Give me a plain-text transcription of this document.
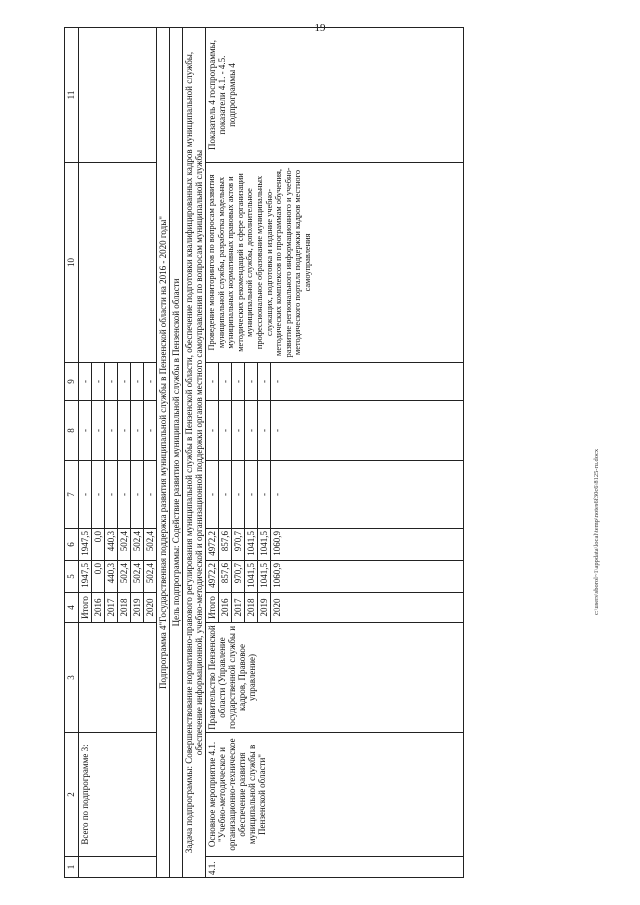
19
1	2	3	4	5	6	7	8	9	10	11
	Всего по подпрограмме 3:		Итого	1947,5	1947,5	-	-	-		
			2016	0,0	0,0	-	-	-		
			2017	440,3	440,3	-	-	-		
			2018	502,4	502,4	-	-	-		
			2019	502,4	502,4	-	-	-		
			2020	502,4	502,4	-	-	-		
Подпрограмма 4"Государственная поддержка развития муниципальной службы в Пензенской области на 2016 - 2020 годы"										
Цель подпрограммы: Содействие развитию муниципальной службы в Пензенской области										
Задача подпрограммы: Совершенствование нормативно-правового регулирования муниципальной службы в Пензенской области, обеспечение подготовки квалифицированных кадров муниципальной службы, обеспечение информационной, учебно-методической и организационной поддержки органов местного самоуправления по вопросам муниципальной службы										
4.1.	Основное мероприятие 4.1. "Учебно-методическое и организационно-техническое обеспечение развития муниципальной службы в Пензенской области"	Правительство Пензенской области (Управление государственной службы и кадров, Правовое управление)	Итого	4972,2	4972,2	-	-	-	Проведение мониторингов по вопросам развития муниципальной службы, разработка модельных муниципальных нормативных правовых актов и методических рекомендаций в сфере организации муниципальной службы, дополнительное профессиональное образование муниципальных служащих, подготовка и издание учебно-методических комплексов по программам обучения, развитие регионального информационного и учебно-методического портала поддержки кадров местного самоуправления	Показатель 4 госпрограммы, показатели 4.1. - 4.5. подпрограммы 4
			2016	857,6	857,6	-	-	-		
			2017	970,7	970,7	-	-	-		
			2018	1041,5	1041,5	-	-	-		
			2019	1041,5	1041,5	-	-	-		
			2020	1060,9	1060,9	-	-	-		
c:\users\sborol~1\appdata\local\temp\notes6f30c6\8125-ru.docx
